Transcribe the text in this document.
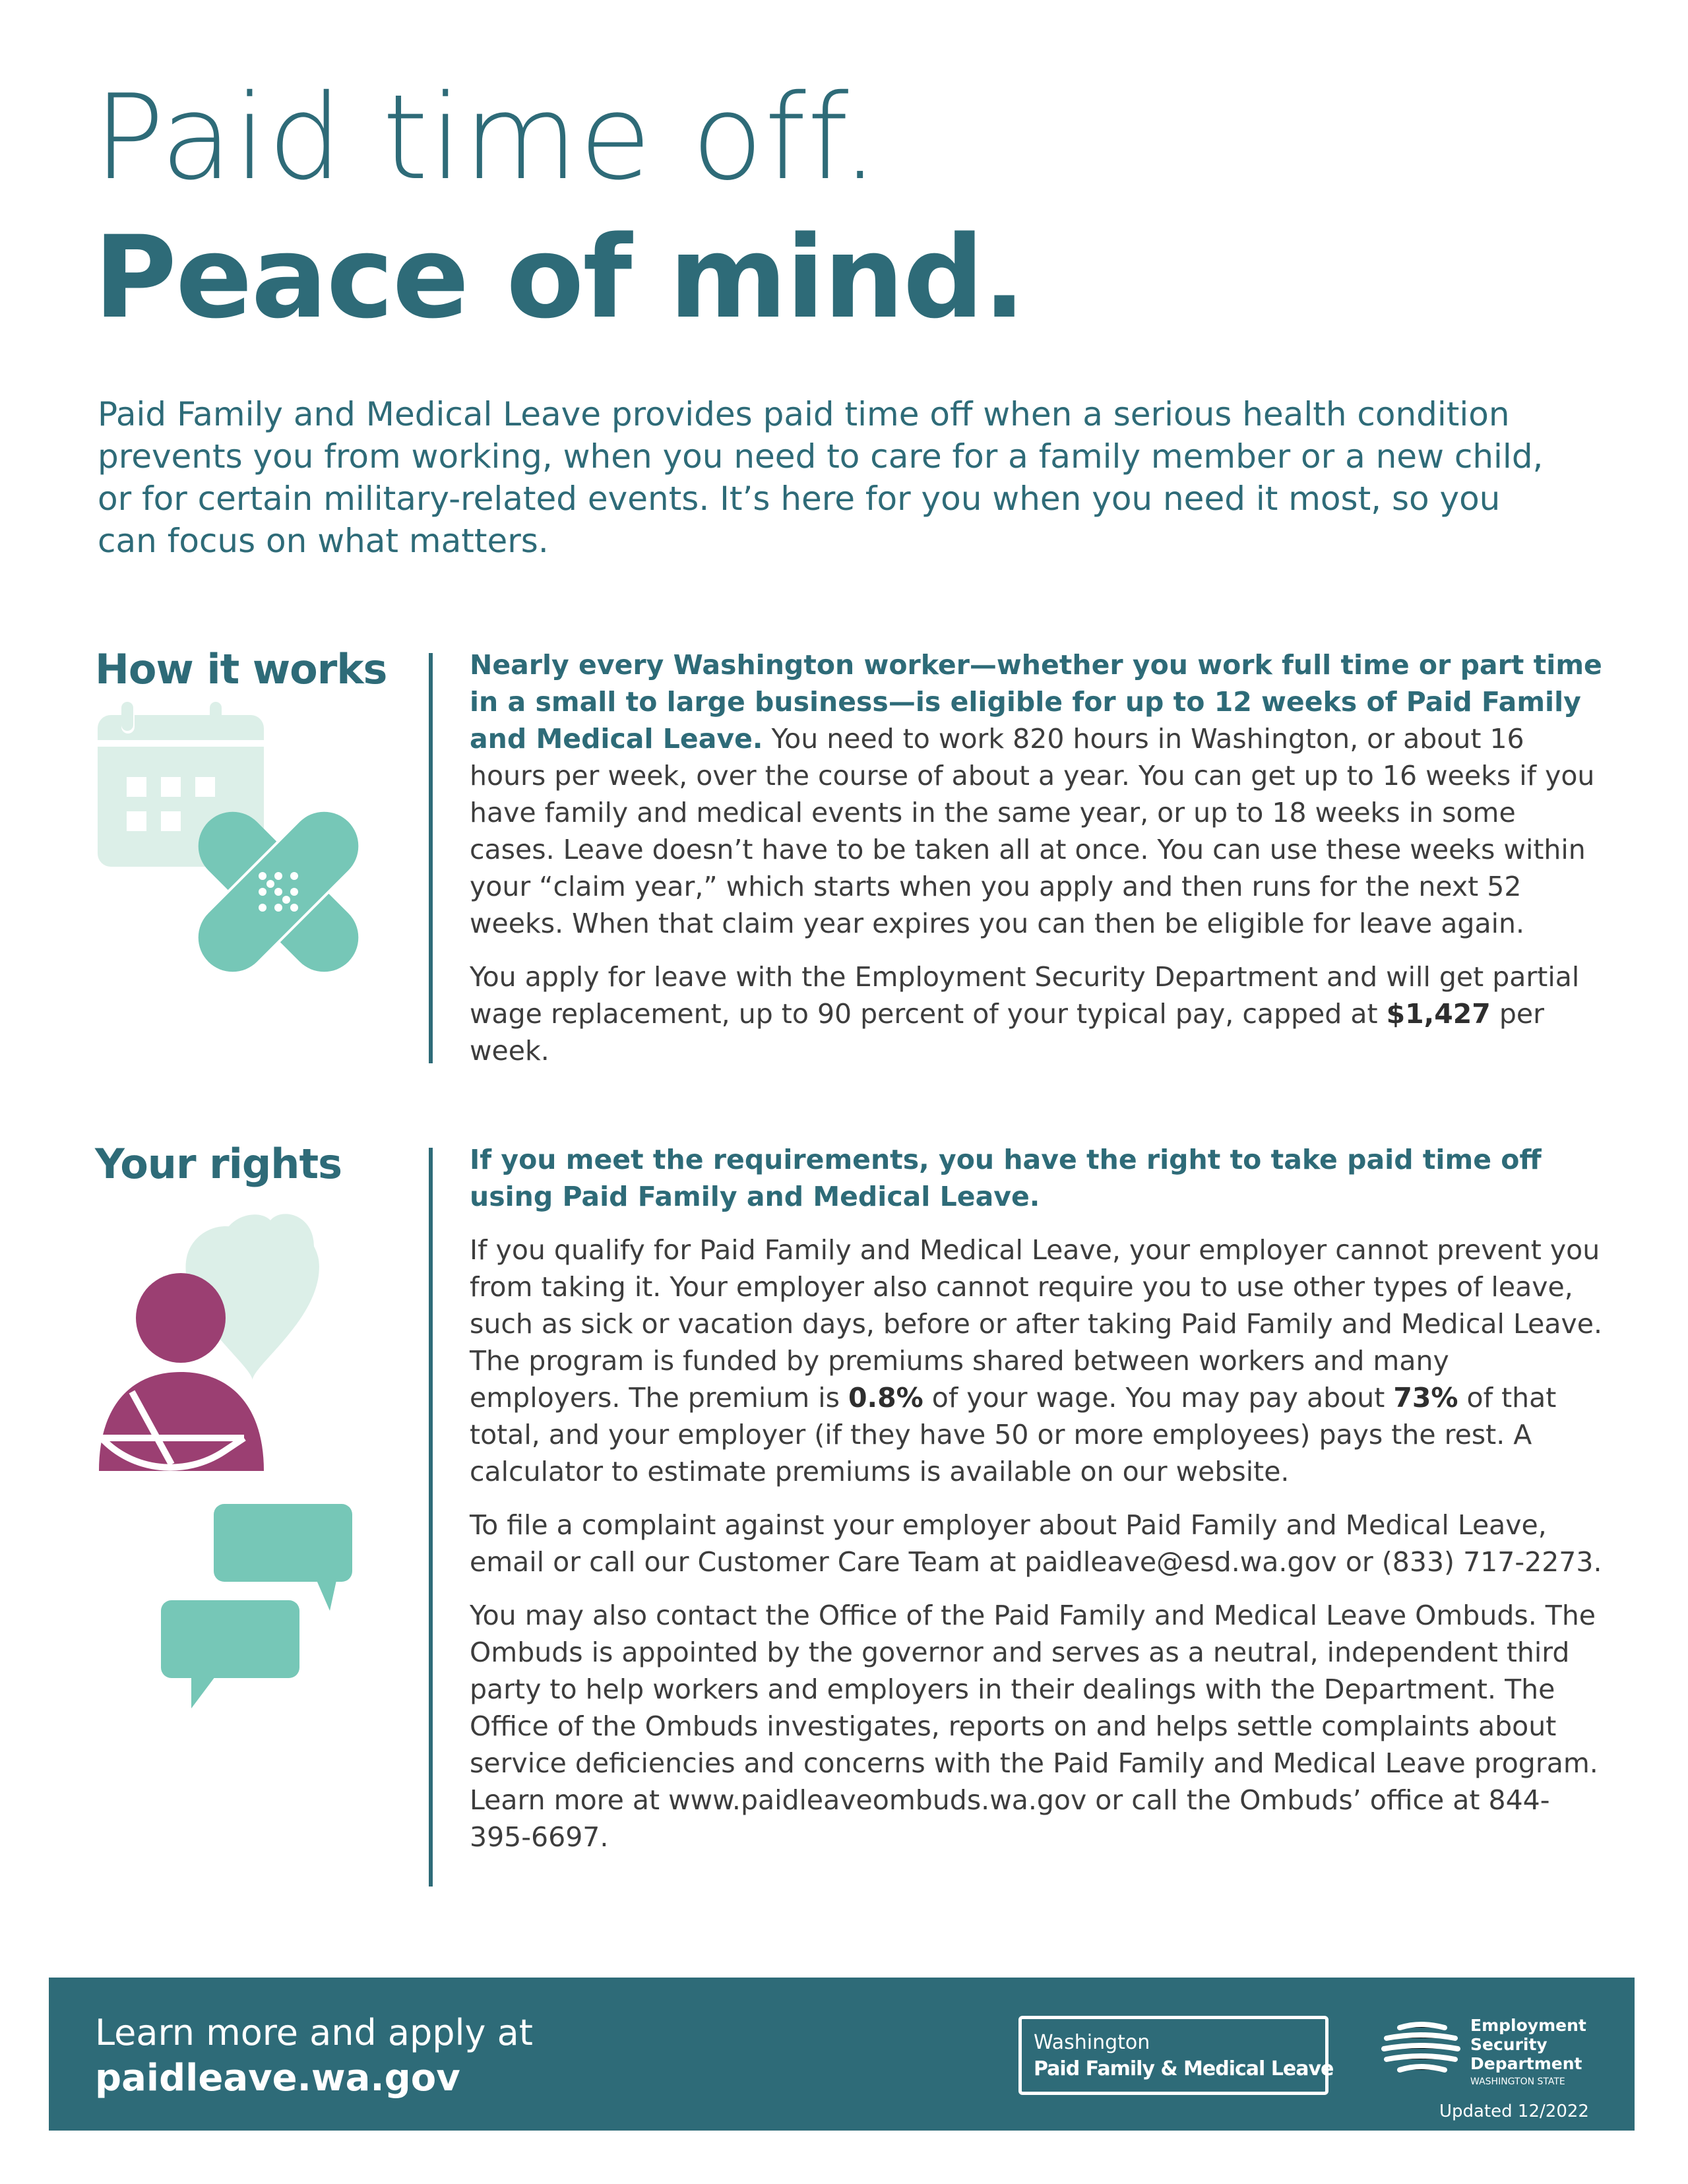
Paid time off.
Peace of mind.

Paid Family and Medical Leave provides paid time off when a serious health condition prevents you from working, when you need to care for a family member or a new child, or for certain military-related events. It’s here for you when you need it most, so you can focus on what matters.

How it works	Nearly every Washington worker—whether you work full time or part time in a small to large business—is eligible for up to 12 weeks of Paid Family and Medical Leave. You need to work 820 hours in Washington, or about 16 hours per week, over the course of about a year. You can get up to 16 weeks if you have family and medical events in the same year, or up to 18 weeks in some cases. Leave doesn’t have to be taken all at once. You can use these weeks within your “claim year,” which starts when you apply and then runs for the next 52 weeks. When that claim year expires you can then be eligible for leave again.

You apply for leave with the Employment Security Department and will get partial wage replacement, up to 90 percent of your typical pay, capped at $1,427 per week.

Your rights	If you meet the requirements, you have the right to take paid time off using Paid Family and Medical Leave.

If you qualify for Paid Family and Medical Leave, your employer cannot prevent you from taking it. Your employer also cannot require you to use other types of leave, such as sick or vacation days, before or after taking Paid Family and Medical Leave. The program is funded by premiums shared between workers and many employers. The premium is 0.8% of your wage. You may pay about 73% of that total, and your employer (if they have 50 or more employees) pays the rest. A calculator to estimate premiums is available on our website.

To file a complaint against your employer about Paid Family and Medical Leave, email or call our Customer Care Team at paidleave@esd.wa.gov or (833) 717-2273.

You may also contact the Office of the Paid Family and Medical Leave Ombuds. The Ombuds is appointed by the governor and serves as a neutral, independent third party to help workers and employers in their dealings with the Department. The Office of the Ombuds investigates, reports on and helps settle complaints about service deficiencies and concerns with the Paid Family and Medical Leave program. Learn more at www.paidleaveombuds.wa.gov or call the Ombuds’ office at 844-395-6697.

Learn more and apply at

paidleave.wa.gov

Washington
Paid Family & Medical Leave
Employment
Security
Department
WASHINGTON STATE
Updated 12/2022
